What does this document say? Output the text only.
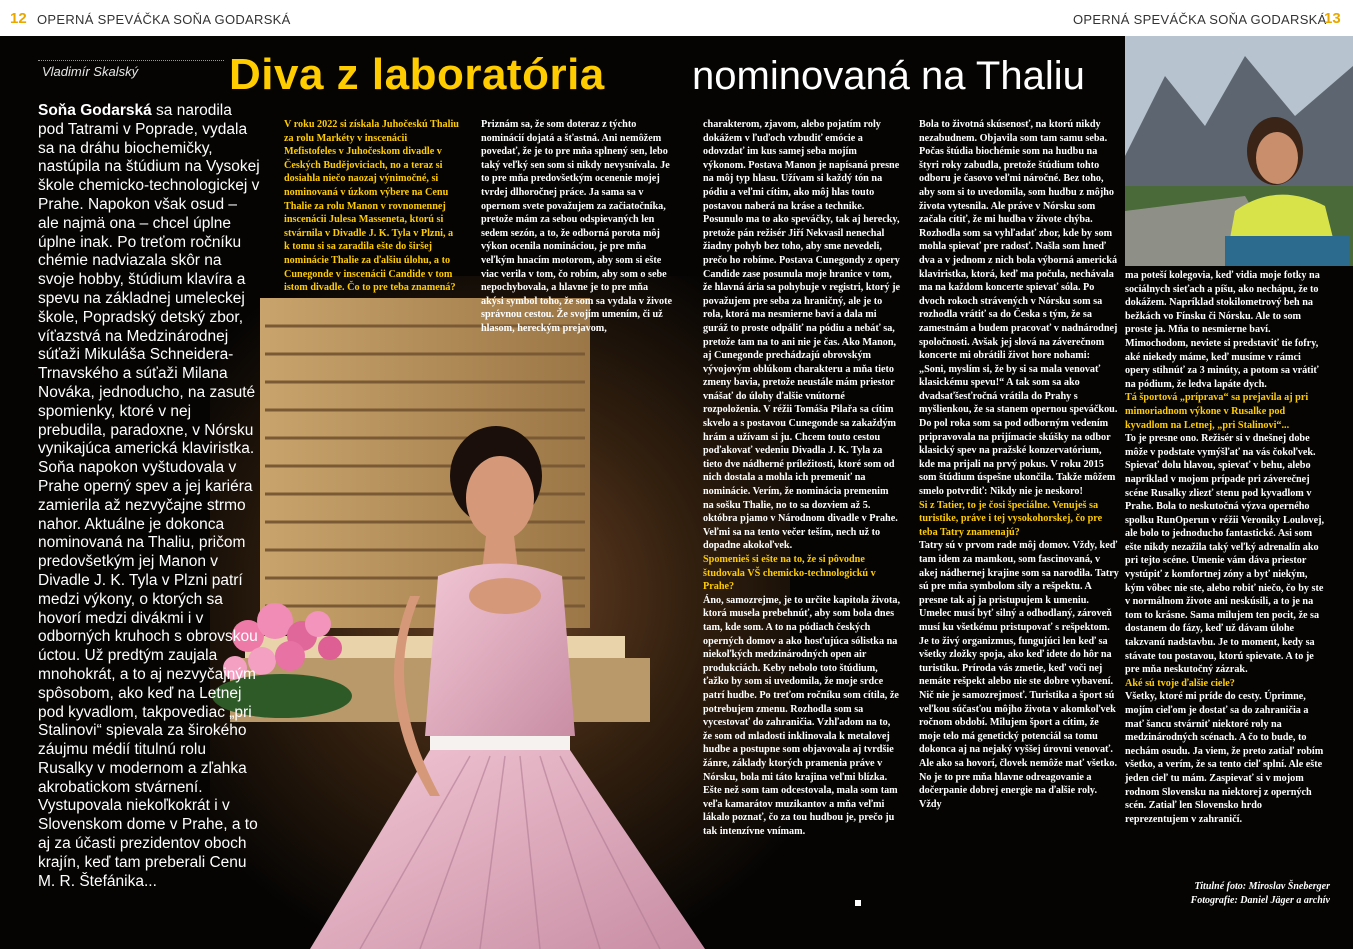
12 OPERNÁ SPEVÁČKA SOŇA GODARSKÁ	OPERNÁ SPEVÁČKA SOŇA GODARSKÁ
13
Vladimír Skalský Diva z laboratória nominovaná na Thaliu
Soňa Godarská sa narodila pod Tatrami v Poprade, vydala sa na dráhu biochemičky, nastúpila na štúdium na Vysokej škole chemicko-technologickej v Prahe. Napokon však osud – ale najmä ona – chcel úplne úplne inak. Po treťom ročníku chémie nadviazala skôr na svoje hobby, štúdium klavíra a spevu na základnej umeleckej škole, Popradský detský zbor, víťazstvá na Medzinárodnej súťaži Mikuláša Schneidera-Trnavského a súťaži Milana Nováka, jednoducho, na zasuté spomienky, ktoré v nej prebudila, paradoxne, v Nórsku vynikajúca americká klaviristka. Soňa napokon vyštudovala v Prahe operný spev a jej kariéra zamierila až nezvyčajne strmo nahor. Aktuálne je dokonca nominovaná na Thaliu, pričom predovšetkým jej Manon v Divadle J. K. Tyla v Plzni patrí medzi výkony, o ktorých sa hovorí medzi divákmi i v odborných kruhoch s obrovskou úctou. Už predtým zaujala mnohokrát, a to aj nezvyčajným spôsobom, ako keď na Letnej pod kyvadlom, takpovediac „pri Stalinovi“ spievala za širokého záujmu médií titulnú rolu Rusalky v modernom a zľahka akrobatickom stvárnení. Vystupovala niekoľkokrát i v Slovenskom dome v Prahe, a to aj za účasti prezidentov oboch krajín, keď tam preberali Cenu M. R. Štefánika...

V roku 2022 si získala Juhočeskú Thaliu za rolu Markéty v inscenácii Mefistofeles v Juhočeskom divadle v Českých Budějoviciach, no a teraz si dosiahla niečo naozaj výnimočné, si nominovaná v úzkom výbere na Cenu Thalie za rolu Manon v rovnomennej inscenácii Julesa Masseneta, ktorú si stvárnila v Divadle J. K. Tyla v Plzni, a k tomu si sa zaradila ešte do širšej nominácie Thalie za ďalšiu úlohu, a to Cunegonde v inscenácii Candide v tom istom divadle. Čo to pre teba znamená?

Priznám sa, že som doteraz z týchto nominácií dojatá a šťastná. Ani nemôžem povedať, že je to pre mňa splnený sen, lebo taký veľký sen som si nikdy nevysnívala. Je to pre mňa predovšetkým ocenenie mojej tvrdej dlhoročnej práce. Ja sama sa v opernom svete považujem za začiatočníka, pretože mám za sebou odspievaných len sedem sezón, a to, že odborná porota môj výkon ocenila nomináciou, je pre mňa veľkým hnacím motorom, aby som si ešte viac verila v tom, čo robím, aby som o sebe nepochybovala, a hlavne je to pre mňa akýsi symbol toho, že som sa vydala v živote správnou cestou. Že svojím umením, či už hlasom, hereckým prejavom,

charakterom, zjavom, alebo pojatím roly dokážem v ľuďoch vzbudiť emócie a odovzdať im kus samej seba mojím výkonom. Postava Manon je napísaná presne na môj typ hlasu. Užívam si každý tón na pódiu a veľmi cítim, ako môj hlas touto postavou naberá na kráse a technike. Posunulo ma to ako speváčky, tak aj herecky, pretože pán režisér Jiří Nekvasil nenechal žiadny pohyb bez toho, aby sme nevedeli, prečo ho robíme. Postava Cunegondy z opery Candide zase posunula moje hranice v tom, že hlavná ária sa pohybuje v registri, ktorý je považujem pre seba za hraničný, ale je to rola, ktorá ma nesmierne baví a dala mi guráž to proste odpáliť na pódiu a nebáť sa, pretože tam na to ani nie je čas. Ako Manon, aj Cunegonde prechádzajú obrovským vývojovým oblúkom charakteru a mňa tieto zmeny bavia, pretože neustále mám priestor vnášať do úlohy ďalšie vnútorné rozpoloženia. V réžii Tomáša Pilařa sa cítim skvelo a s postavou Cunegonde sa zakaždým hrám a užívam si ju. Chcem touto cestou poďakovať vedeniu Divadla J. K. Tyla za tieto dve nádherné príležitosti, ktoré som od nich dostala a mohla ich premeniť na nominácie. Verím, že nominácia premenim na sošku Thalie, no to sa dozviem až 5. októbra pjamo v Národnom divadle v Prahe. Veľmi sa na tento večer teším, nech už to dopadne akokoľvek.

Spomenieš si ešte na to, že si pôvodne študovala VŠ chemicko-technologickú v Prahe?

Áno, samozrejme, je to určite kapitola života, ktorá musela prebehnúť, aby som bola dnes tam, kde som. A to na pódiach českých operných domov a ako hosťujúca sólistka na niekoľkých medzinárodných open air produkciách. Keby nebolo toto štúdium, ťažko by som si uvedomila, že moje srdce patrí hudbe. Po treťom ročníku som cítila, že potrebujem zmenu. Rozhodla som sa vycestovať do zahraničia. Vzhľadom na to, že som od mladosti inklinovala k metalovej hudbe a postupne som objavovala aj tvrdšie žánre, základy ktorých pramenia práve v Nórsku, bola mi táto krajina veľmi blízka. Ešte než som tam odcestovala, mala som tam veľa kamarátov muzikantov a mňa veľmi lákalo poznať, čo za tou hudbou je, prečo ju tak intenzívne vnímam.

Bola to životná skúsenosť, na ktorú nikdy nezabudnem. Objavila som tam samu seba. Počas štúdia biochémie som na hudbu na štyri roky zabudla, pretože štúdium tohto odboru je časovo veľmi náročné. Bez toho, aby som si to uvedomila, som hudbu z môjho života vytesnila. Ale práve v Nórsku som začala cítiť, že mi hudba v živote chýba. Rozhodla som sa vyhľadať zbor, kde by som mohla spievať pre radosť. Našla som hneď dva a v jednom z nich bola výborná americká klaviristka, ktorá, keď ma počula, nechávala ma na každom koncerte spievať sóla. Po dvoch rokoch strávených v Nórsku som sa rozhodla vrátiť sa do Česka s tým, že sa zamestnám a budem pracovať v nadnárodnej spoločnosti. Avšak jej slová na záverečnom koncerte mi obrátili život hore nohami: „Soni, myslím si, že by si sa mala venovať klasickému spevu!“ A tak som sa ako dvadsaťšesťročná vrátila do Prahy s myšlienkou, že sa stanem opernou speváčkou. Do pol roka som sa pod odborným vedením pripravovala na prijímacie skúšky na odbor klasický spev na pražské konzervatórium, kde ma prijali na prvý pokus. V roku 2015 som štúdium úspešne ukončila. Takže môžem smelo potvrdiť: Nikdy nie je neskoro!

Si z Tatier, to je čosi špeciálne. Venuješ sa turistike, práve i tej vysokohorskej, čo pre teba Tatry znamenajú?

Tatry sú v prvom rade môj domov. Vždy, keď tam idem za mamkou, som fascinovaná, v akej nádhernej krajine som sa narodila. Tatry sú pre mňa symbolom sily a rešpektu. A presne tak aj ja pristupujem k umeniu. Umelec musí byť silný a odhodlaný, zároveň musí ku všetkému pristupovať s rešpektom. Je to živý organizmus, fungujúci len keď sa všetky zložky spoja, ako keď idete do hôr na turistiku. Príroda vás zmetie, keď voči nej nemáte rešpekt alebo nie ste dobre vybavení. Nič nie je samozrejmosť. Turistika a šport sú veľkou súčasťou môjho života v akomkoľvek ročnom období. Milujem šport a cítim, že moje telo má genetický potenciál sa tomu dokonca aj na nejaký vyššej úrovni venovať. Ale ako sa hovorí, človek nemôže mať všetko. No je to pre mňa hlavne odreagovanie a dočerpanie dobrej energie na ďalšie roly. Vždy

ma poteší kolegovia, keď vidia moje fotky na sociálnych sieťach a píšu, ako nechápu, že to dokážem. Napríklad stokilometrový beh na bežkách vo Fínsku či Nórsku. Ale to som proste ja. Mňa to nesmierne baví. Mimochodom, neviete si predstaviť tie fofry, aké niekedy máme, keď musíme v rámci opery stihnúť za 3 minúty, a potom sa vrátiť na pódium, že ledva lapáte dych.

Tá športová „príprava“ sa prejavila aj pri mimoriadnom výkone v Rusalke pod kyvadlom na Letnej, „pri Stalinovi“...

To je presne ono. Režisér si v dnešnej dobe môže v podstate vymýšľať na vás čokoľvek. Spievať dolu hlavou, spievať v behu, alebo napríklad v mojom prípade pri záverečnej scéne Rusalky zliezť stenu pod kyvadlom v Prahe. Bola to neskutočná výzva operného spolku RunOperun v réžii Veroniky Loulovej, ale bolo to jednoducho fantastické. Asi som ešte nikdy nezažila taký veľký adrenalín ako pri tejto scéne. Umenie vám dáva priestor vystúpiť z komfortnej zóny a byť niekým, kým vôbec nie ste, alebo robiť niečo, čo by ste v normálnom živote ani neskúsili, a to je na tom to krásne. Sama milujem ten pocit, že sa dostanem do fázy, keď už dávam úlohe takzvanú nadstavbu. Je to moment, kedy sa stávate tou postavou, ktorú spievate. A to je pre mňa neskutočný zázrak.

Aké sú tvoje ďalšie ciele?

Všetky, ktoré mi príde do cesty. Úprimne, mojím cieľom je dostať sa do zahraničia a mať šancu stvárniť niektoré roly na medzinárodných scénach. A čo to bude, to nechám osudu. Ja viem, že preto zatiaľ robím všetko, a verím, že sa tento cieľ splní. Ale ešte jeden cieľ tu mám. Zaspievať si v mojom rodnom Slovensku na niektorej z operných scén. Zatiaľ len Slovensko hrdo reprezentujem v zahraničí.

Titulné foto: Miroslav Šneberger
Fotografie: Daniel Jäger a archív
